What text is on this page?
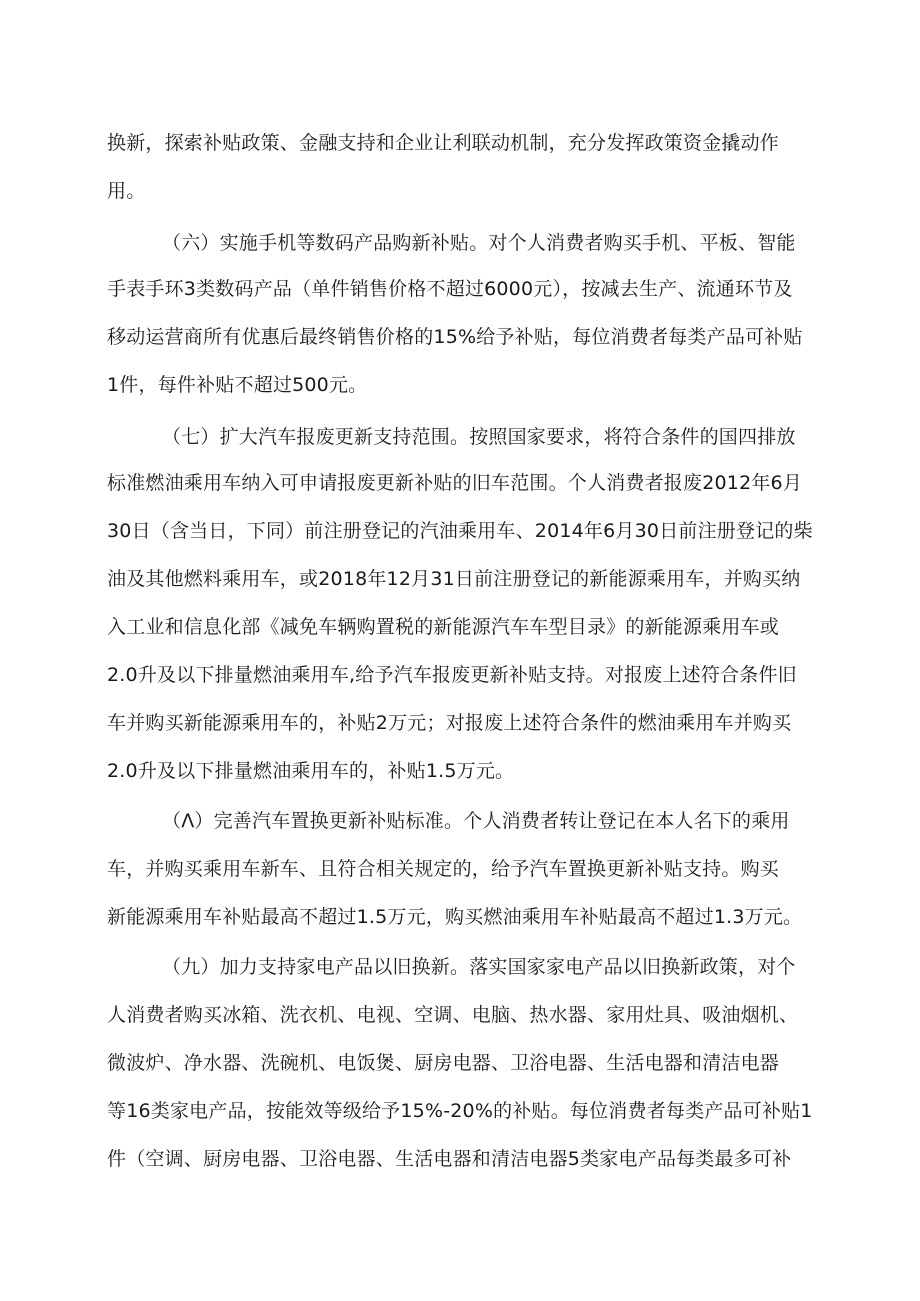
换新，探索补贴政策、金融支持和企业让利联动机制，充分发挥政策资金撬动作
用。
（六）实施手机等数码产品购新补贴。对个人消费者购买手机、平板、智能
手表手环3类数码产品（单件销售价格不超过6000元），按减去生产、流通环节及
移动运营商所有优惠后最终销售价格的15%给予补贴，每位消费者每类产品可补贴
1件，每件补贴不超过500元。
（七）扩大汽车报废更新支持范围。按照国家要求，将符合条件的国四排放
标准燃油乘用车纳入可申请报废更新补贴的旧车范围。个人消费者报废2012年6月
30日（含当日，下同）前注册登记的汽油乘用车、2014年6月30日前注册登记的柴
油及其他燃料乘用车，或2018年12月31日前注册登记的新能源乘用车，并购买纳
入工业和信息化部《减免车辆购置税的新能源汽车车型目录》的新能源乘用车或
2.0升及以下排量燃油乘用车,给予汽车报废更新补贴支持。对报废上述符合条件旧
车并购买新能源乘用车的，补贴2万元；对报废上述符合条件的燃油乘用车并购买
2.0升及以下排量燃油乘用车的，补贴1.5万元。
（Λ）完善汽车置换更新补贴标准。个人消费者转让登记在本人名下的乘用
车，并购买乘用车新车、且符合相关规定的，给予汽车置换更新补贴支持。购买
新能源乘用车补贴最高不超过1.5万元，购买燃油乘用车补贴最高不超过1.3万元。
（九）加力支持家电产品以旧换新。落实国家家电产品以旧换新政策，对个
人消费者购买冰箱、洗衣机、电视、空调、电脑、热水器、家用灶具、吸油烟机、
微波炉、净水器、洗碗机、电饭煲、厨房电器、卫浴电器、生活电器和清洁电器
等16类家电产品，按能效等级给予15%-20%的补贴。每位消费者每类产品可补贴1
件（空调、厨房电器、卫浴电器、生活电器和清洁电器5类家电产品每类最多可补
